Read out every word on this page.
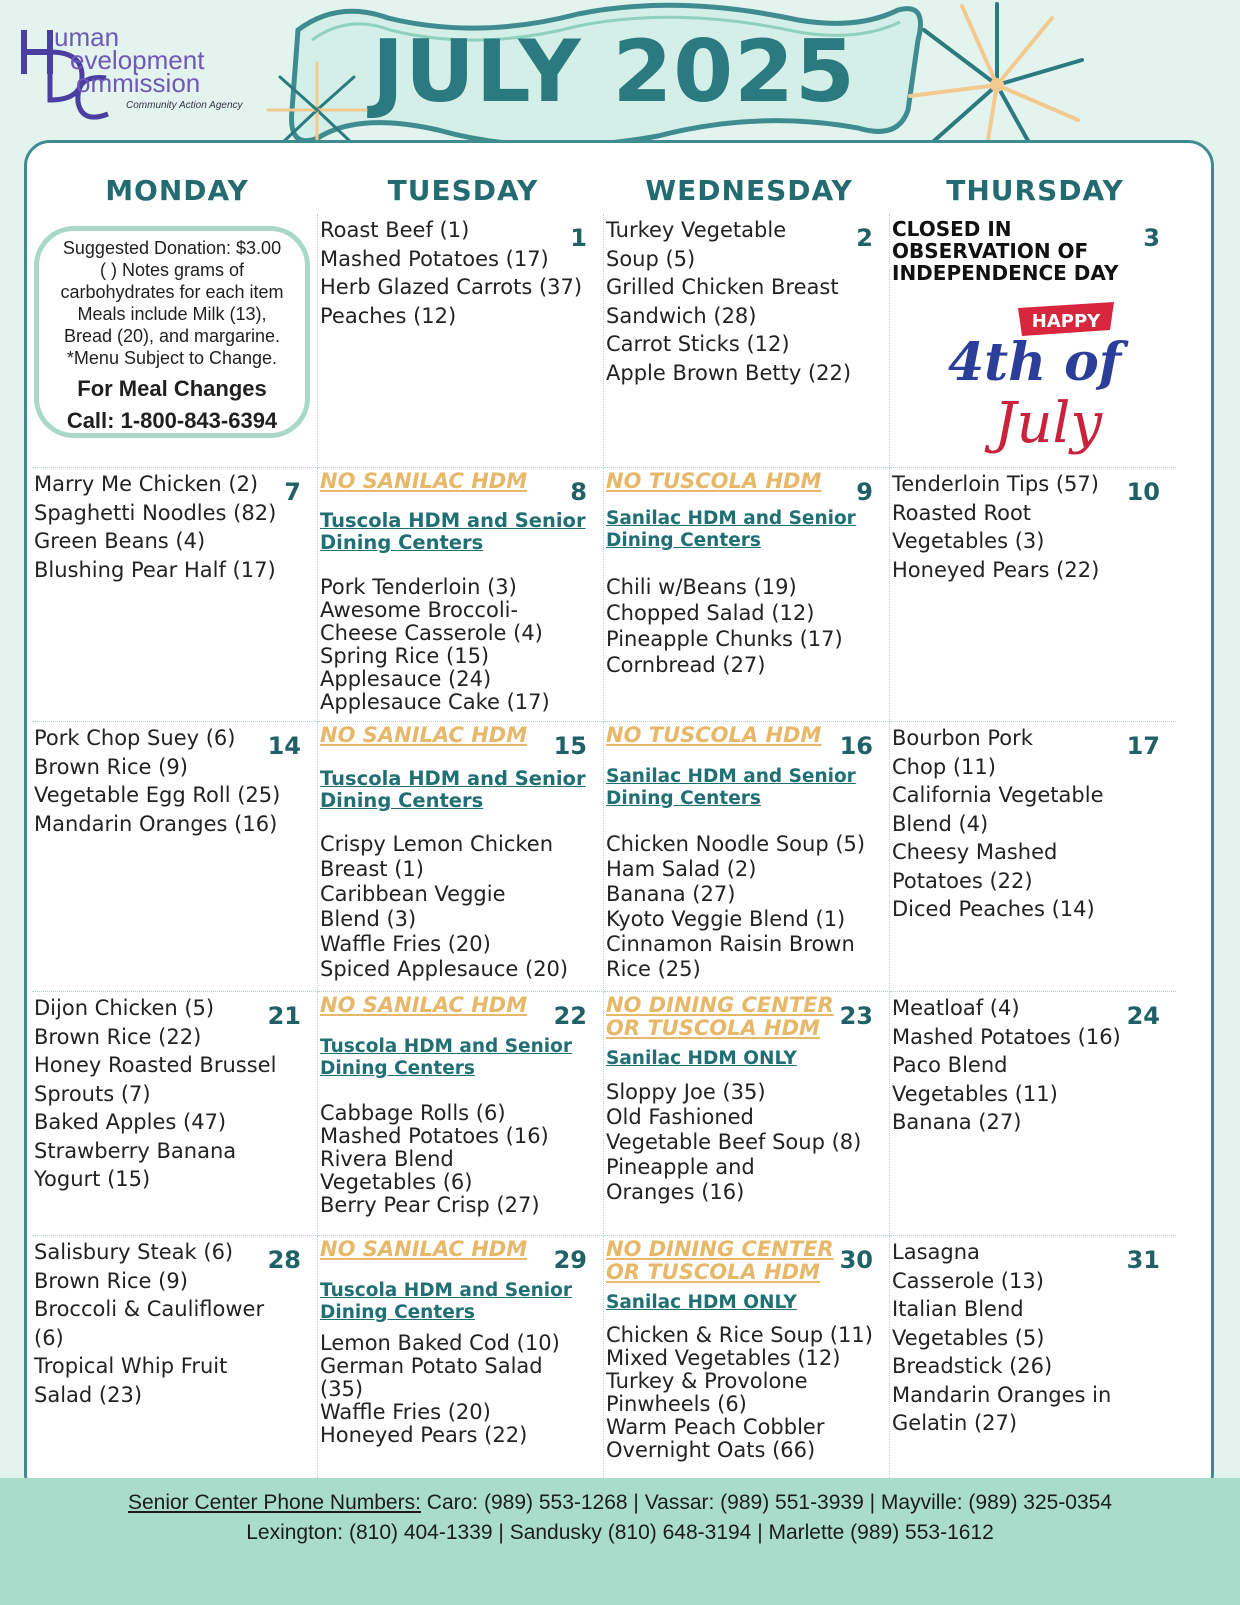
uman
evelopment
ommission
Community Action Agency JULY 2025
MONDAY	TUESDAY	WEDNESDAY	THURSDAY
Suggested Donation: $3.00
( ) Notes grams of
carbohydrates for each item
Meals include Milk (13),
Bread (20), and margarine.
*Menu Subject to Change.
For Meal Changes
Call: 1-800-843-6394
1
Roast Beef (1)
Mashed Potatoes (17)
Herb Glazed Carrots (37)
Peaches (12)
2
Turkey Vegetable
Soup (5)
Grilled Chicken Breast
Sandwich (28)
Carrot Sticks (12)
Apple Brown Betty (22)
3
CLOSED IN
OBSERVATION OF
INDEPENDENCE DAY
HAPPY
4th of
July
7
Marry Me Chicken (2)
Spaghetti Noodles (82)
Green Beans (4)
Blushing Pear Half (17)
8
NO SANILAC HDM
Tuscola HDM and Senior
Dining Centers
Pork Tenderloin (3)
Awesome Broccoli-
Cheese Casserole (4)
Spring Rice (15)
Applesauce (24)
Applesauce Cake (17)
9
NO TUSCOLA HDM
Sanilac HDM and Senior
Dining Centers
Chili w/Beans (19)
Chopped Salad (12)
Pineapple Chunks (17)
Cornbread (27)
10
Tenderloin Tips (57)
Roasted Root
Vegetables (3)
Honeyed Pears (22)
14
Pork Chop Suey (6)
Brown Rice (9)
Vegetable Egg Roll (25)
Mandarin Oranges (16)
15
NO SANILAC HDM
Tuscola HDM and Senior
Dining Centers
Crispy Lemon Chicken
Breast (1)
Caribbean Veggie
Blend (3)
Waffle Fries (20)
Spiced Applesauce (20)
16
NO TUSCOLA HDM
Sanilac HDM and Senior
Dining Centers
Chicken Noodle Soup (5)
Ham Salad (2)
Banana (27)
Kyoto Veggie Blend (1)
Cinnamon Raisin Brown
Rice (25)
17
Bourbon Pork
Chop (11)
California Vegetable
Blend (4)
Cheesy Mashed
Potatoes (22)
Diced Peaches (14)
21
Dijon Chicken (5)
Brown Rice (22)
Honey Roasted Brussel
Sprouts (7)
Baked Apples (47)
Strawberry Banana
Yogurt (15)
22
NO SANILAC HDM
Tuscola HDM and Senior
Dining Centers
Cabbage Rolls (6)
Mashed Potatoes (16)
Rivera Blend
Vegetables (6)
Berry Pear Crisp (27)
23
NO DINING CENTER
OR TUSCOLA HDM
Sanilac HDM ONLY
Sloppy Joe (35)
Old Fashioned
Vegetable Beef Soup (8)
Pineapple and
Oranges (16)
24
Meatloaf (4)
Mashed Potatoes (16)
Paco Blend
Vegetables (11)
Banana (27)
28
Salisbury Steak (6)
Brown Rice (9)
Broccoli & Cauliflower
(6)
Tropical Whip Fruit
Salad (23)
29
NO SANILAC HDM
Tuscola HDM and Senior
Dining Centers
Lemon Baked Cod (10)
German Potato Salad
(35)
Waffle Fries (20)
Honeyed Pears (22)
30
NO DINING CENTER
OR TUSCOLA HDM
Sanilac HDM ONLY
Chicken & Rice Soup (11)
Mixed Vegetables (12)
Turkey & Provolone
Pinwheels (6)
Warm Peach Cobbler
Overnight Oats (66)
31
Lasagna
Casserole (13)
Italian Blend
Vegetables (5)
Breadstick (26)
Mandarin Oranges in
Gelatin (27)
Senior Center Phone Numbers: Caro: (989) 553-1268 | Vassar: (989) 551-3939 | Mayville: (989) 325-0354
Lexington: (810) 404-1339 | Sandusky (810) 648-3194 | Marlette (989) 553-1612
